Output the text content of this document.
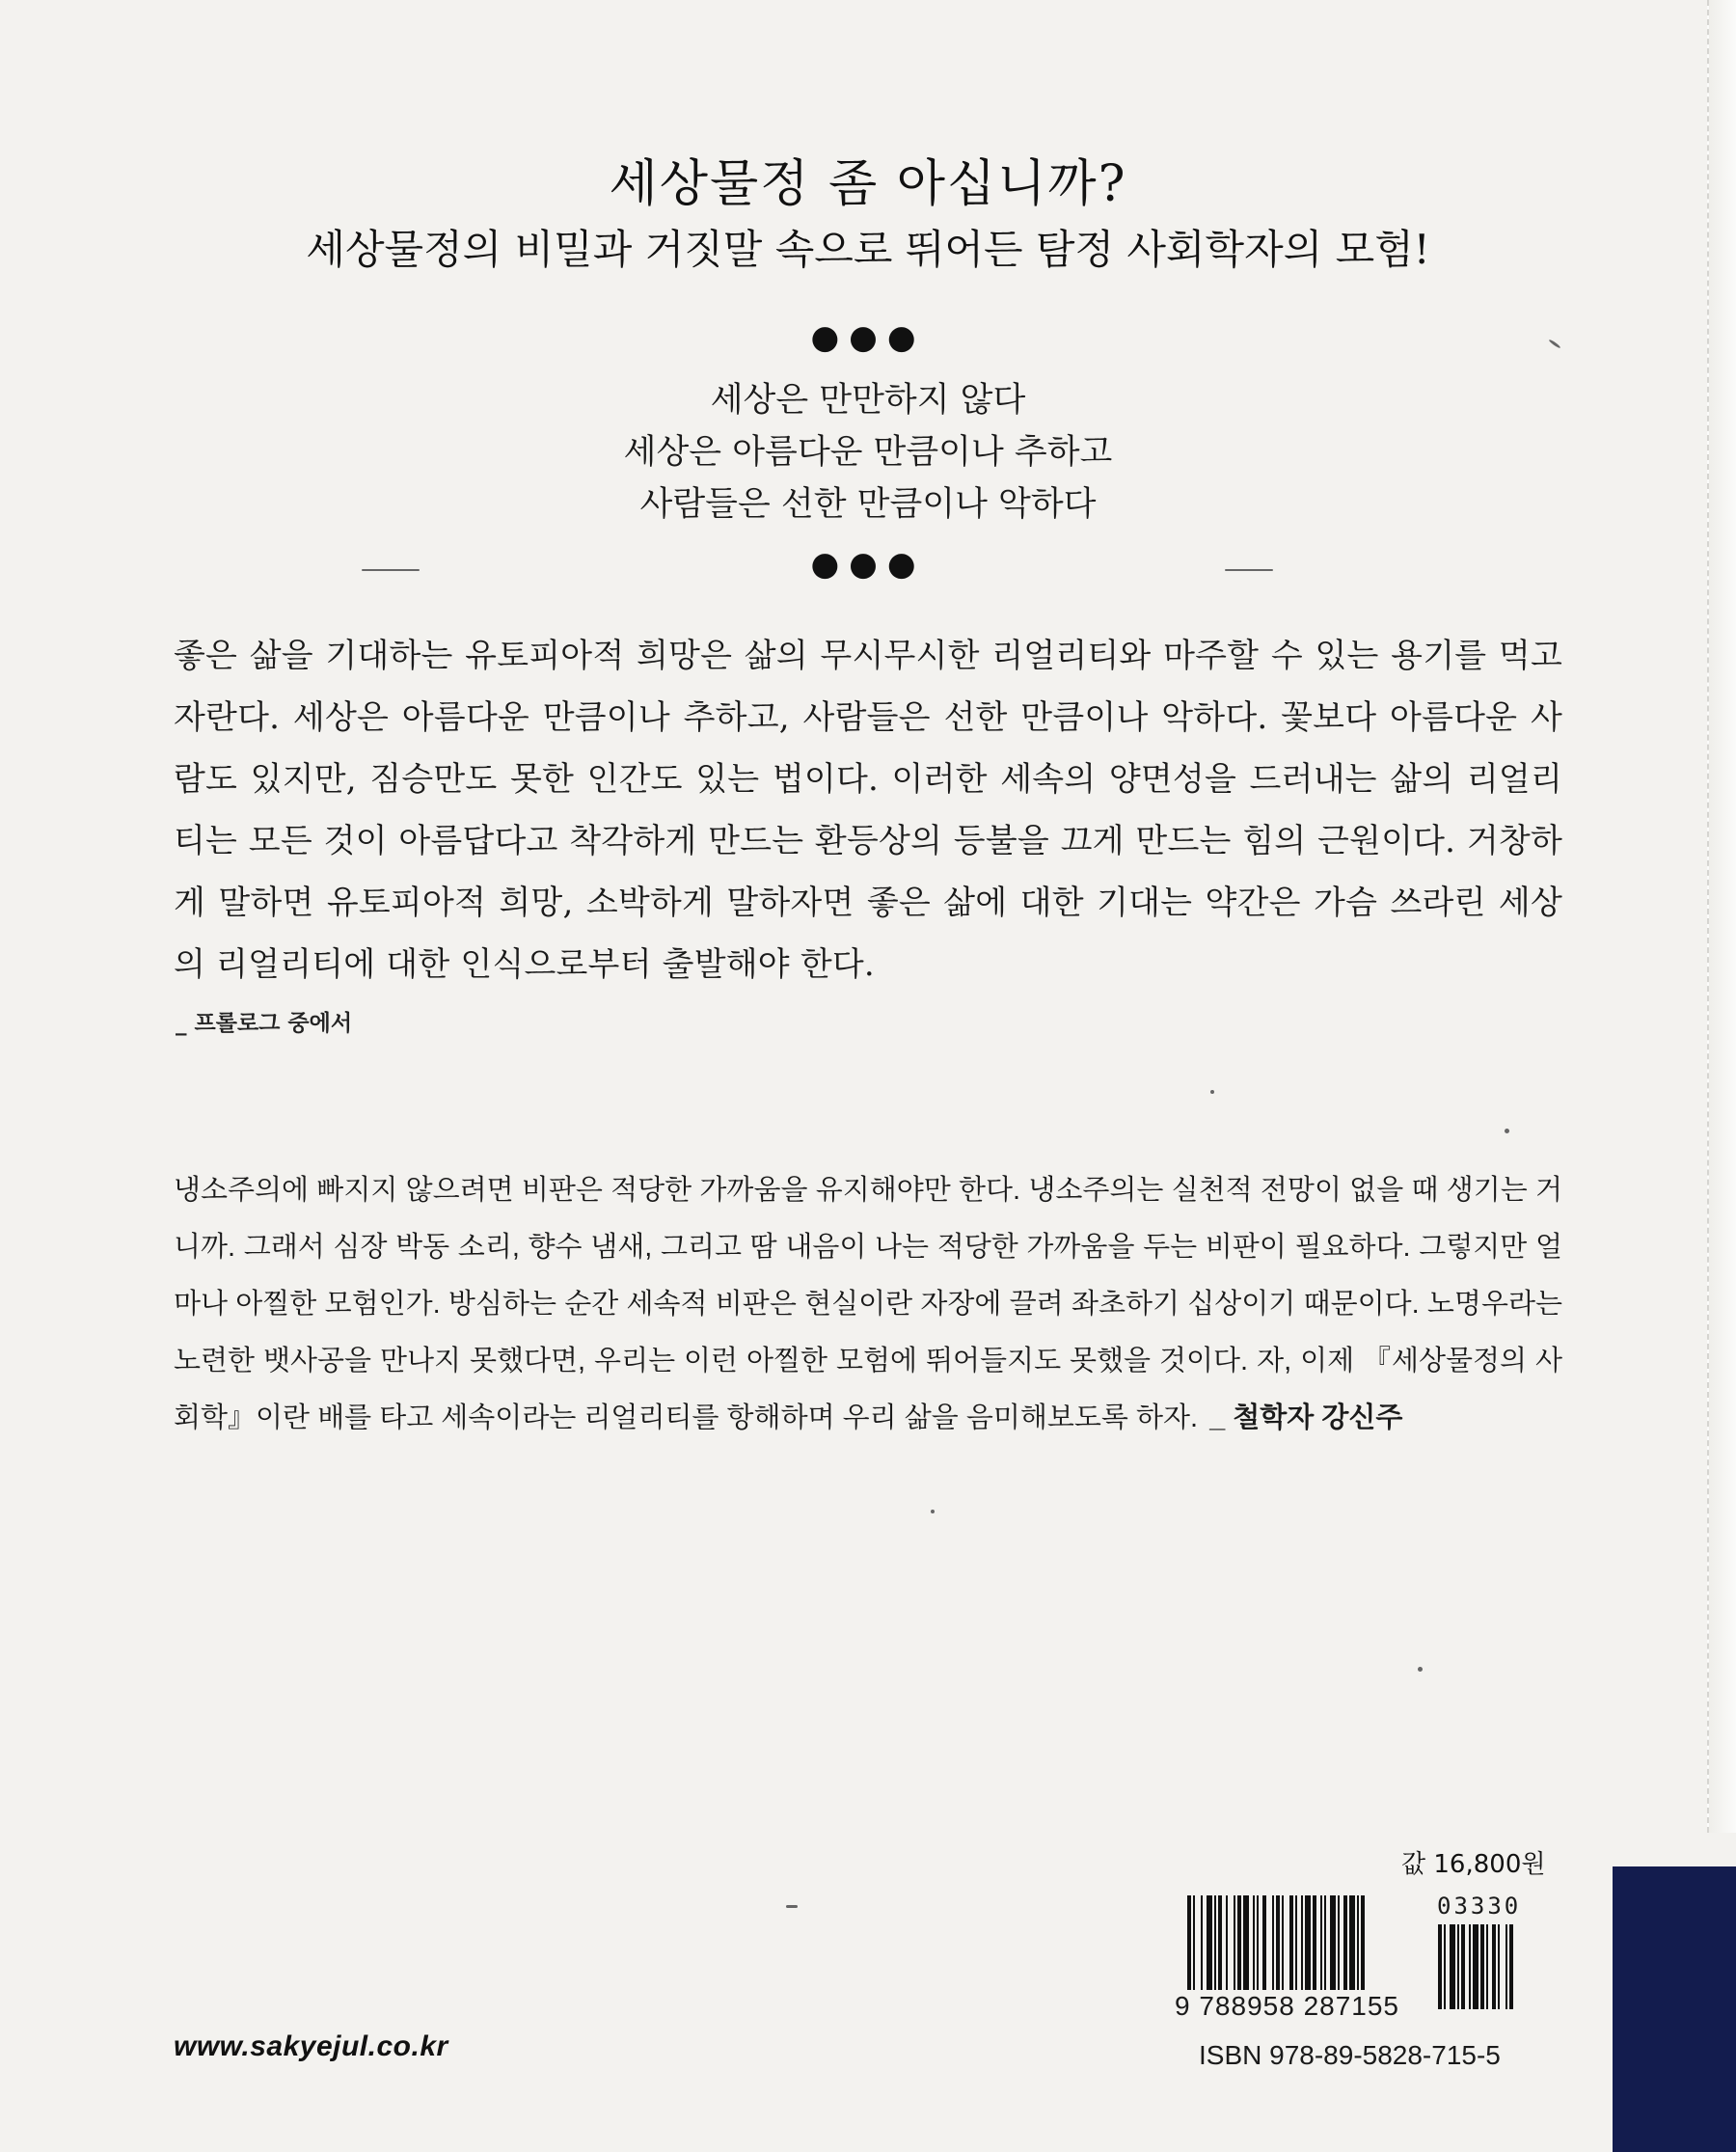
세상물정 좀 아십니까?
세상물정의 비밀과 거짓말 속으로 뛰어든 탐정 사회학자의 모험!
●●●
세상은 만만하지 않다
세상은 아름다운 만큼이나 추하고
사람들은 선한 만큼이나 악하다
●●●

좋은 삶을 기대하는 유토피아적 희망은 삶의 무시무시한 리얼리티와 마주할 수 있는 용기를 먹고 자란다. 세상은 아름다운 만큼이나 추하고, 사람들은 선한 만큼이나 악하다. 꽃보다 아름다운 사람도 있지만, 짐승만도 못한 인간도 있는 법이다. 이러한 세속의 양면성을 드러내는 삶의 리얼리티는 모든 것이 아름답다고 착각하게 만드는 환등상의 등불을 끄게 만드는 힘의 근원이다. 거창하게 말하면 유토피아적 희망, 소박하게 말하자면 좋은 삶에 대한 기대는 약간은 가슴 쓰라린 세상의 리얼리티에 대한 인식으로부터 출발해야 한다.

_ 프롤로그 중에서

냉소주의에 빠지지 않으려면 비판은 적당한 가까움을 유지해야만 한다. 냉소주의는 실천적 전망이 없을 때 생기는 거니까. 그래서 심장 박동 소리, 향수 냄새, 그리고 땀 내음이 나는 적당한 가까움을 두는 비판이 필요하다. 그렇지만 얼마나 아찔한 모험인가. 방심하는 순간 세속적 비판은 현실이란 자장에 끌려 좌초하기 십상이기 때문이다. 노명우라는 노련한 뱃사공을 만나지 못했다면, 우리는 이런 아찔한 모험에 뛰어들지도 못했을 것이다. 자, 이제 『세상물정의 사회학』이란 배를 타고 세속이라는 리얼리티를 항해하며 우리 삶을 음미해보도록 하자. _ 철학자 강신주

값 16,800원
03330
9 788958 287155
ISBN 978-89-5828-715-5
www.sakyejul.co.kr
